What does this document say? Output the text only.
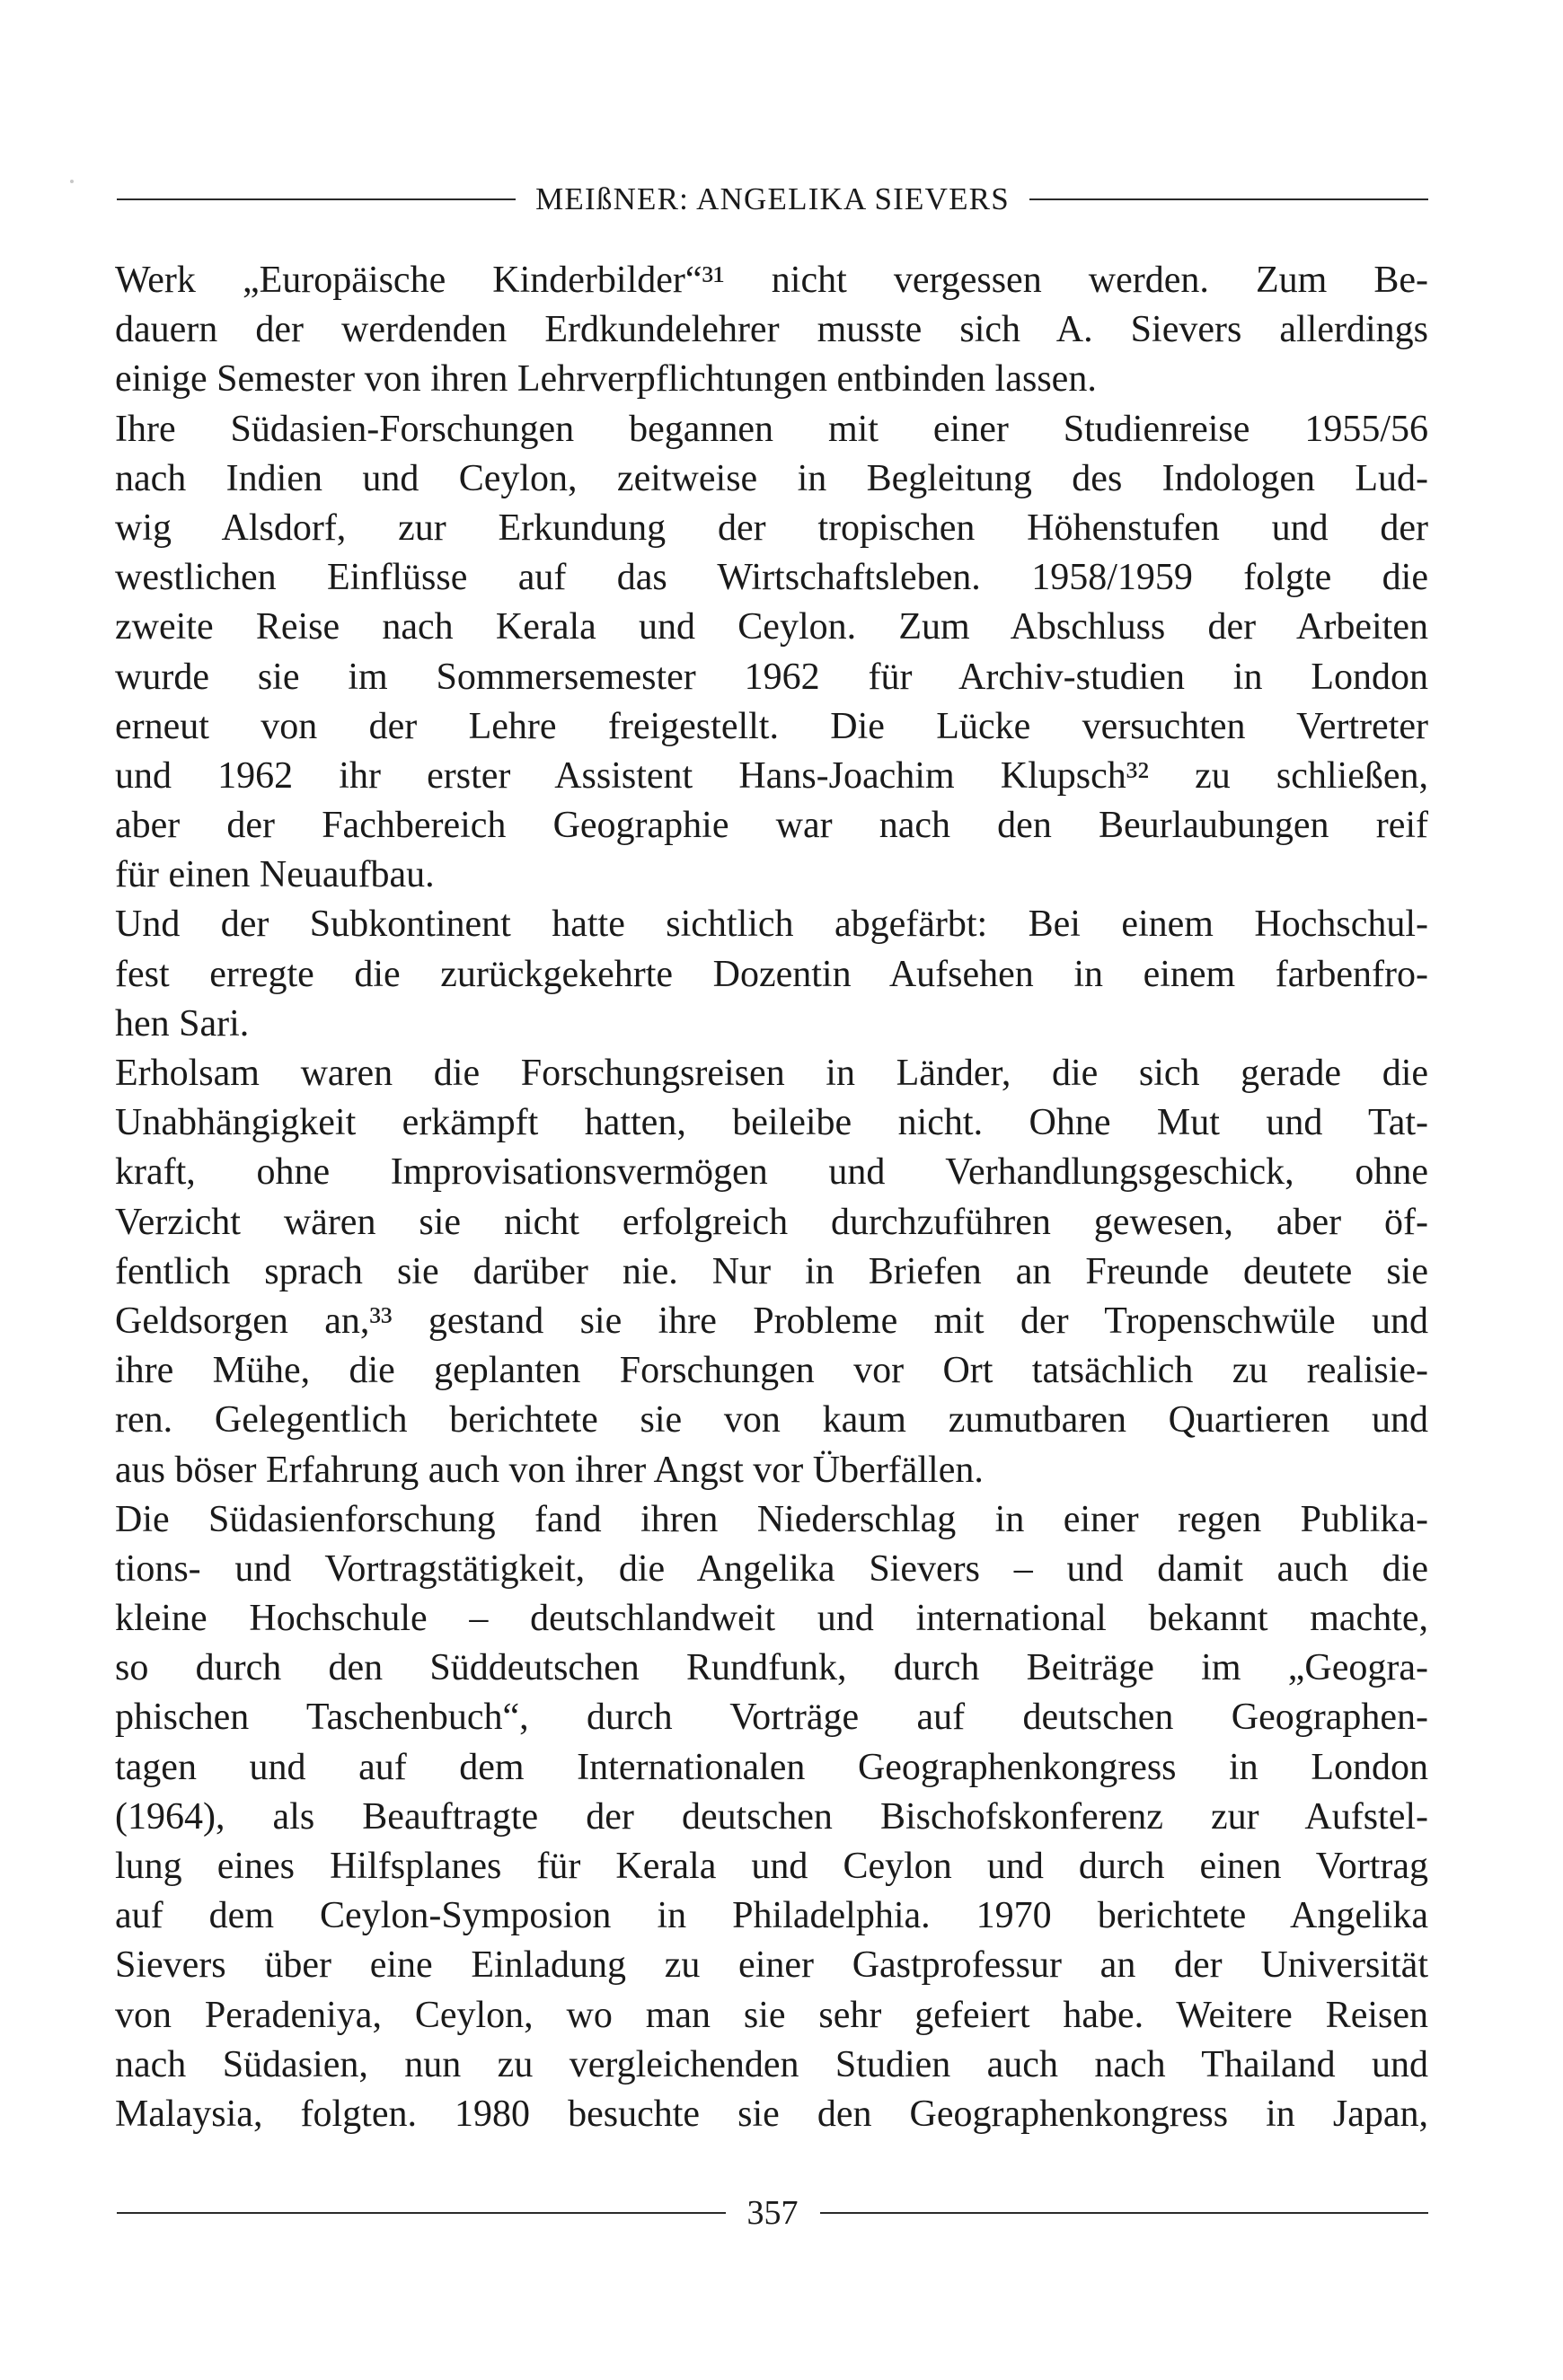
MEIßNER: ANGELIKA SIEVERS
Werk „Europäische Kinderbilder“³¹ nicht vergessen werden. Zum Be-
dauern der werdenden Erdkundelehrer musste sich A. Sievers allerdings
einige Semester von ihren Lehrverpflichtungen entbinden lassen.
Ihre Südasien-Forschungen begannen mit einer Studienreise 1955/56
nach Indien und Ceylon, zeitweise in Begleitung des Indologen Lud-
wig Alsdorf, zur Erkundung der tropischen Höhenstufen und der
westlichen Einflüsse auf das Wirtschaftsleben. 1958/1959 folgte die
zweite Reise nach Kerala und Ceylon. Zum Abschluss der Arbeiten
wurde sie im Sommersemester 1962 für Archiv-studien in London
erneut von der Lehre freigestellt. Die Lücke versuchten Vertreter
und 1962 ihr erster Assistent Hans-Joachim Klupsch³² zu schließen,
aber der Fachbereich Geographie war nach den Beurlaubungen reif
für einen Neuaufbau.
Und der Subkontinent hatte sichtlich abgefärbt: Bei einem Hochschul-
fest erregte die zurückgekehrte Dozentin Aufsehen in einem farbenfro-
hen Sari.
Erholsam waren die Forschungsreisen in Länder, die sich gerade die
Unabhängigkeit erkämpft hatten, beileibe nicht. Ohne Mut und Tat-
kraft, ohne Improvisationsvermögen und Verhandlungsgeschick, ohne
Verzicht wären sie nicht erfolgreich durchzuführen gewesen, aber öf-
fentlich sprach sie darüber nie. Nur in Briefen an Freunde deutete sie
Geldsorgen an,³³ gestand sie ihre Probleme mit der Tropenschwüle und
ihre Mühe, die geplanten Forschungen vor Ort tatsächlich zu realisie-
ren. Gelegentlich berichtete sie von kaum zumutbaren Quartieren und
aus böser Erfahrung auch von ihrer Angst vor Überfällen.
Die Südasienforschung fand ihren Niederschlag in einer regen Publika-
tions- und Vortragstätigkeit, die Angelika Sievers – und damit auch die
kleine Hochschule – deutschlandweit und international bekannt machte,
so durch den Süddeutschen Rundfunk, durch Beiträge im „Geogra-
phischen Taschenbuch“, durch Vorträge auf deutschen Geographen-
tagen und auf dem Internationalen Geographenkongress in London
(1964), als Beauftragte der deutschen Bischofskonferenz zur Aufstel-
lung eines Hilfsplanes für Kerala und Ceylon und durch einen Vortrag
auf dem Ceylon-Symposion in Philadelphia. 1970 berichtete Angelika
Sievers über eine Einladung zu einer Gastprofessur an der Universität
von Peradeniya, Ceylon, wo man sie sehr gefeiert habe. Weitere Reisen
nach Südasien, nun zu vergleichenden Studien auch nach Thailand und
Malaysia, folgten. 1980 besuchte sie den Geographenkongress in Japan,
357
